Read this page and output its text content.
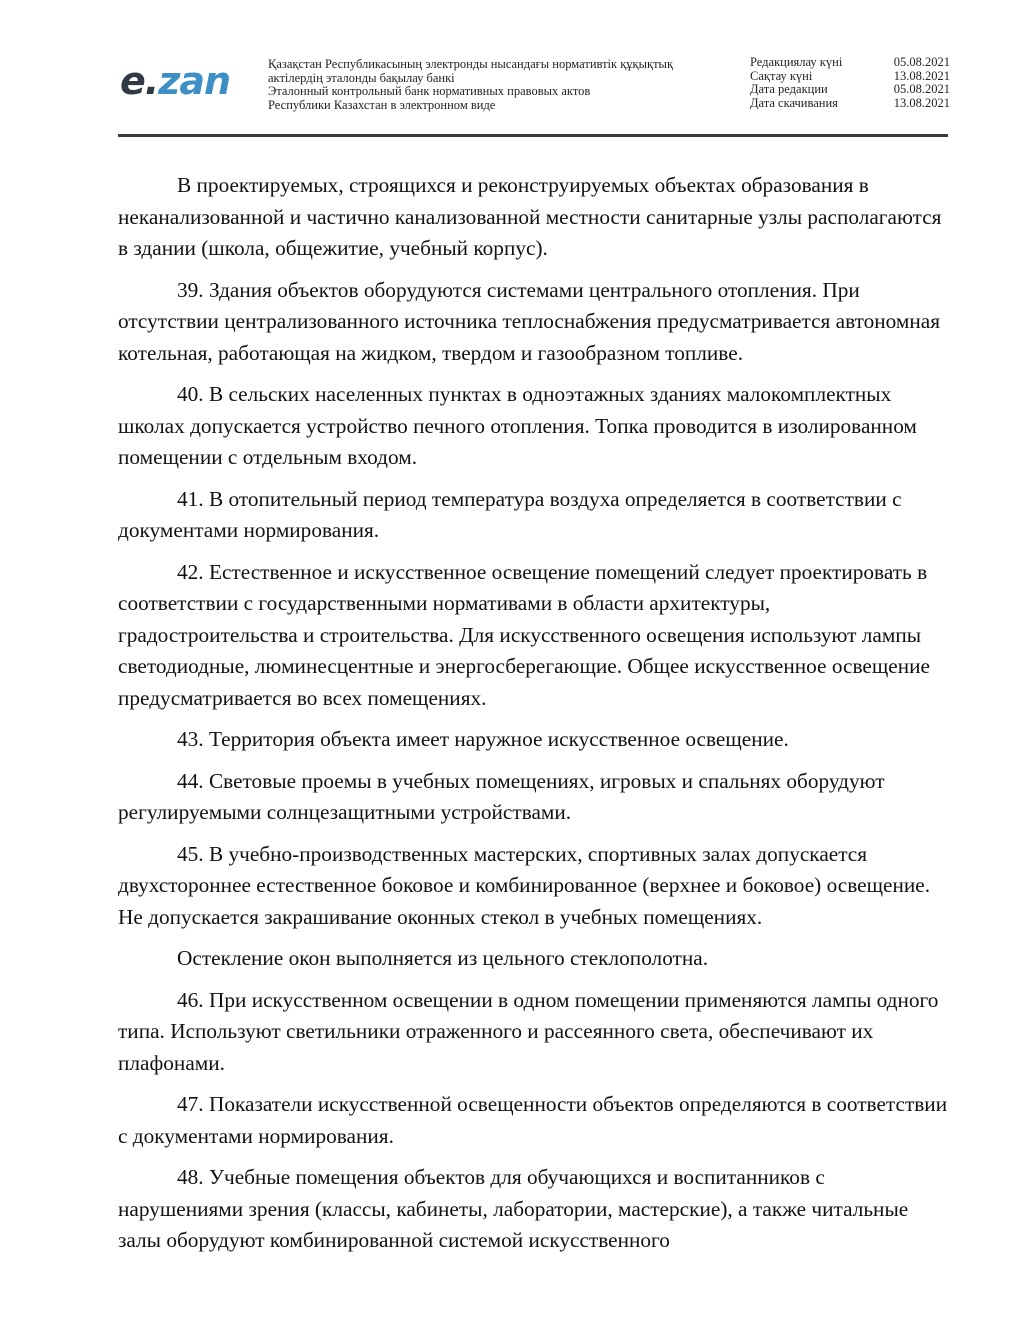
e.zan	Қазақстан Республикасының электронды нысандағы нормативтік құқықтық
актілердің эталонды бақылау банкі
Эталонный контрольный банк нормативных правовых актов
Республики Казахстан в электронном виде
Редакциялау күні	05.08.2021
Сақтау күні	13.08.2021
Дата редакции	05.08.2021
Дата скачивания	13.08.2021

В проектируемых, строящихся и реконструируемых объектах образования в неканализованной и частично канализованной местности санитарные узлы располагаются в здании (школа, общежитие, учебный корпус).

39. Здания объектов оборудуются системами центрального отопления. При отсутствии централизованного источника теплоснабжения предусматривается автономная котельная, работающая на жидком, твердом и газообразном топливе.

40. В сельских населенных пунктах в одноэтажных зданиях малокомплектных школах допускается устройство печного отопления. Топка проводится в изолированном помещении с отдельным входом.

41. В отопительный период температура воздуха определяется в соответствии с документами нормирования.

42. Естественное и искусственное освещение помещений следует проектировать в соответствии с государственными нормативами в области архитектуры, градостроительства и строительства. Для искусственного освещения используют лампы светодиодные, люминесцентные и энергосберегающие. Общее искусственное освещение предусматривается во всех помещениях.

43. Территория объекта имеет наружное искусственное освещение.

44. Световые проемы в учебных помещениях, игровых и спальнях оборудуют регулируемыми солнцезащитными устройствами.

45. В учебно-производственных мастерских, спортивных залах допускается двухстороннее естественное боковое и комбинированное (верхнее и боковое) освещение. Не допускается закрашивание оконных стекол в учебных помещениях.

Остекление окон выполняется из цельного стеклополотна.

46. При искусственном освещении в одном помещении применяются лампы одного типа. Используют светильники отраженного и рассеянного света, обеспечивают их плафонами.

47. Показатели искусственной освещенности объектов определяются в соответствии с документами нормирования.

48. Учебные помещения объектов для обучающихся и воспитанников с нарушениями зрения (классы, кабинеты, лаборатории, мастерские), а также читальные залы оборудуют комбинированной системой искусственного
